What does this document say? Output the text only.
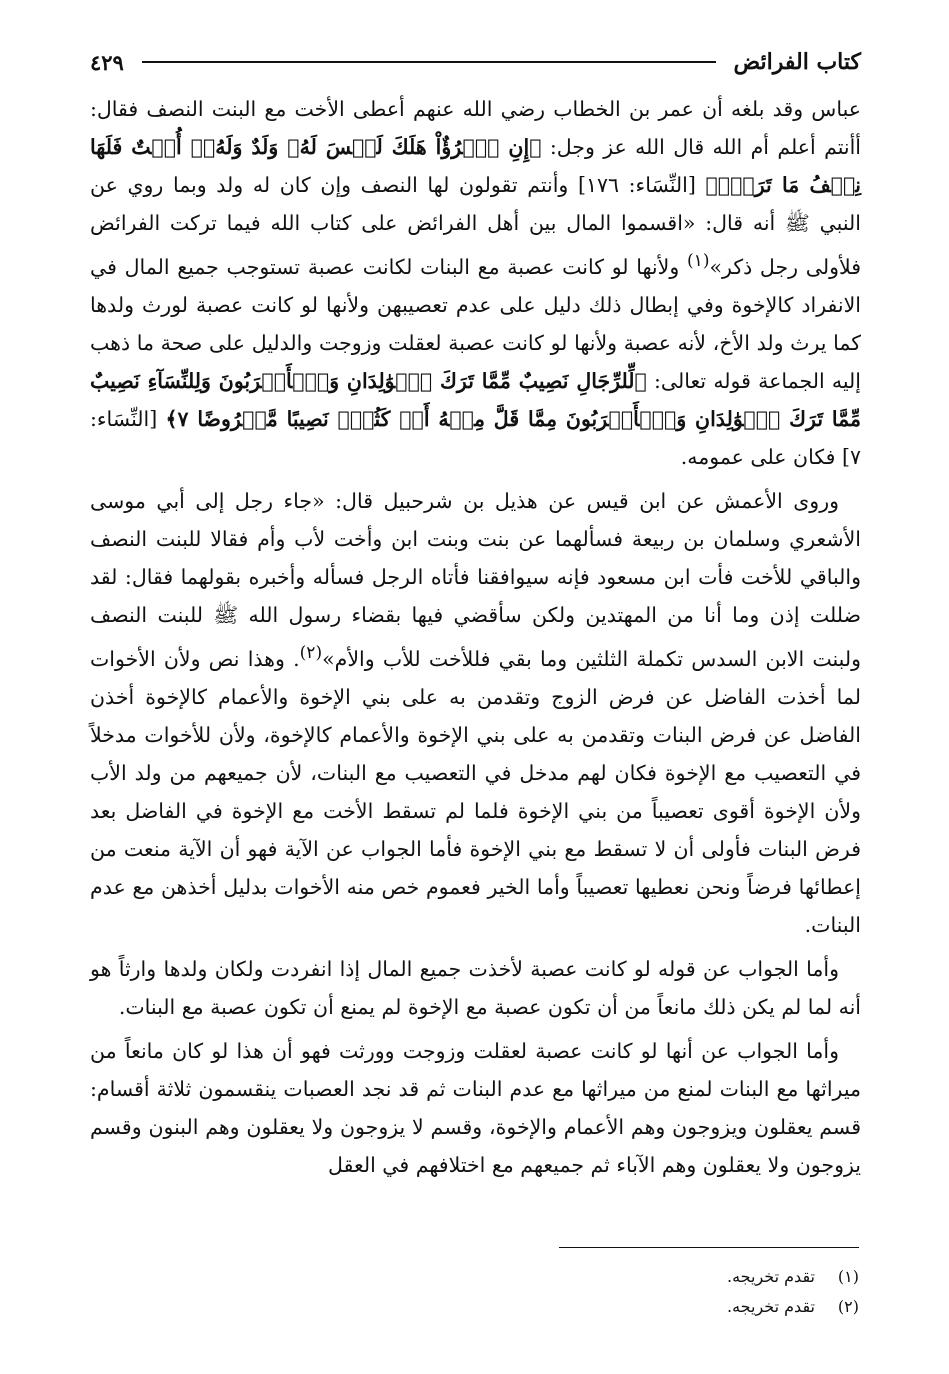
كتاب الفرائض
٤٢٩

عباس وقد بلغه أن عمر بن الخطاب رضي الله عنهم أعطى الأخت مع البنت النصف فقال: أأنتم أعلم أم الله قال الله عز وجل: ﴿إِنِ ٱمۡرُؤٌاْ هَلَكَ لَيۡسَ لَهُۥ وَلَدٌ وَلَهُۥٓ أُخۡتٌ فَلَهَا نِصۡفُ مَا تَرَكَۚ﴾ [النِّسَاء: ١٧٦] وأنتم تقولون لها النصف وإن كان له ولد وبما روي عن النبي ﷺ أنه قال: «اقسموا المال بين أهل الفرائض على كتاب الله فيما تركت الفرائض فلأولى رجل ذكر»$^{(١)}$ ولأنها لو كانت عصبة مع البنات لكانت عصبة تستوجب جميع المال في الانفراد كالإخوة وفي إبطال ذلك دليل على عدم تعصيبهن ولأنها لو كانت عصبة لورث ولدها كما يرث ولد الأخ، لأنه عصبة ولأنها لو كانت عصبة لعقلت وزوجت والدليل على صحة ما ذهب إليه الجماعة قوله تعالى: ﴿لِّلرِّجَالِ نَصِيبٌ مِّمَّا تَرَكَ ٱلۡوَٰلِدَانِ وَٱلۡأَقۡرَبُونَ وَلِلنِّسَآءِ نَصِيبٌ مِّمَّا تَرَكَ ٱلۡوَٰلِدَانِ وَٱلۡأَقۡرَبُونَ مِمَّا قَلَّ مِنۡهُ أَوۡ كَثُرَۚ نَصِيبًا مَّفۡرُوضًا ٧﴾ [النِّسَاء: ٧] فكان على عمومه.

وروى الأعمش عن ابن قيس عن هذيل بن شرحبيل قال: «جاء رجل إلى أبي موسى الأشعري وسلمان بن ربيعة فسألهما عن بنت وبنت ابن وأخت لأب وأم فقالا للبنت النصف والباقي للأخت فأت ابن مسعود فإنه سيوافقنا فأتاه الرجل فسأله وأخبره بقولهما فقال: لقد ضللت إذن وما أنا من المهتدين ولكن سأقضي فيها بقضاء رسول الله ﷺ للبنت النصف ولبنت الابن السدس تكملة الثلثين وما بقي فللأخت للأب والأم»$^{(٢)}$. وهذا نص ولأن الأخوات لما أخذت الفاضل عن فرض الزوج وتقدمن به على بني الإخوة والأعمام كالإخوة أخذن الفاضل عن فرض البنات وتقدمن به على بني الإخوة والأعمام كالإخوة، ولأن للأخوات مدخلاً في التعصيب مع الإخوة فكان لهم مدخل في التعصيب مع البنات، لأن جميعهم من ولد الأب ولأن الإخوة أقوى تعصيباً من بني الإخوة فلما لم تسقط الأخت مع الإخوة في الفاضل بعد فرض البنات فأولى أن لا تسقط مع بني الإخوة فأما الجواب عن الآية فهو أن الآية منعت من إعطائها فرضاً ونحن نعطيها تعصيباً وأما الخير فعموم خص منه الأخوات بدليل أخذهن مع عدم البنات.

وأما الجواب عن قوله لو كانت عصبة لأخذت جميع المال إذا انفردت ولكان ولدها وارثاً هو أنه لما لم يكن ذلك مانعاً من أن تكون عصبة مع الإخوة لم يمنع أن تكون عصبة مع البنات.

وأما الجواب عن أنها لو كانت عصبة لعقلت وزوجت وورثت فهو أن هذا لو كان مانعاً من ميراثها مع البنات لمنع من ميراثها مع عدم البنات ثم قد نجد العصبات ينقسمون ثلاثة أقسام: قسم يعقلون ويزوجون وهم الأعمام والإخوة، وقسم لا يزوجون ولا يعقلون وهم البنون وقسم يزوجون ولا يعقلون وهم الآباء ثم جميعهم مع اختلافهم في العقل

(١)
تقدم تخريجه.
(٢)
تقدم تخريجه.
